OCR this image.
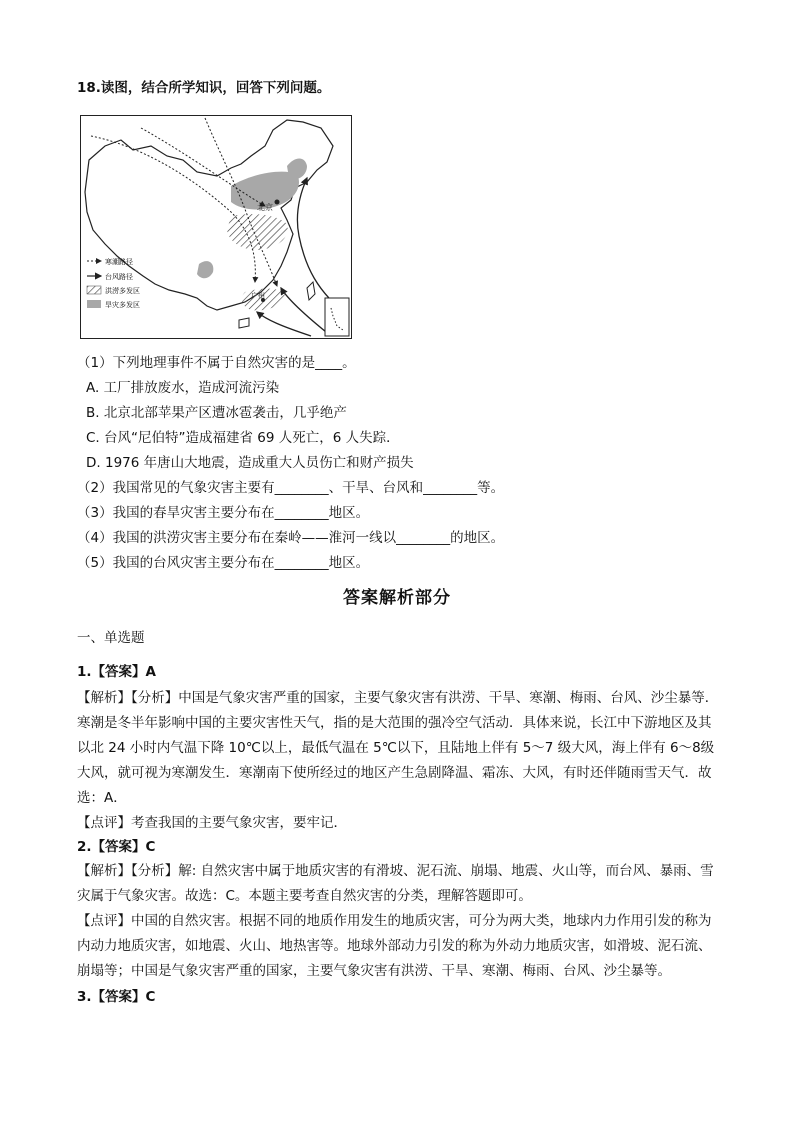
18.读图，结合所学知识，回答下列问题。
北京
广州
寒潮路径
台风路径
洪涝多发区
旱灾多发区
（1）下列地理事件不属于自然灾害的是____。
A. 工厂排放废水，造成河流污染
B. 北京北部苹果产区遭冰雹袭击，几乎绝产
C. 台风“尼伯特”造成福建省 69 人死亡，6 人失踪．
D. 1976 年唐山大地震，造成重大人员伤亡和财产损失
（2）我国常见的气象灾害主要有________、干旱、台风和________等。
（3）我国的春旱灾害主要分布在________地区。
（4）我国的洪涝灾害主要分布在秦岭——淮河一线以________的地区。
（5）我国的台风灾害主要分布在________地区。
答案解析部分
一、单选题
1.【答案】A
【解析】【分析】中国是气象灾害严重的国家，主要气象灾害有洪涝、干旱、寒潮、梅雨、台风、沙尘暴等．寒潮是冬半年影响中国的主要灾害性天气，指的是大范围的强冷空气活动．具体来说，长江中下游地区及其以北 24 小时内气温下降 10℃以上，最低气温在 5℃以下，且陆地上伴有 5～7 级大风，海上伴有 6～8级大风，就可视为寒潮发生．寒潮南下使所经过的地区产生急剧降温、霜冻、大风，有时还伴随雨雪天气．故选：A．
【点评】考查我国的主要气象灾害，要牢记．
2.【答案】C
【解析】【分析】解: 自然灾害中属于地质灾害的有滑坡、泥石流、崩塌、地震、火山等，而台风、暴雨、雪灾属于气象灾害。故选：C。本题主要考查自然灾害的分类，理解答题即可。
【点评】中国的自然灾害。根据不同的地质作用发生的地质灾害，可分为两大类，地球内力作用引发的称为内动力地质灾害，如地震、火山、地热害等。地球外部动力引发的称为外动力地质灾害，如滑坡、泥石流、崩塌等；中国是气象灾害严重的国家，主要气象灾害有洪涝、干旱、寒潮、梅雨、台风、沙尘暴等。
3.【答案】C
